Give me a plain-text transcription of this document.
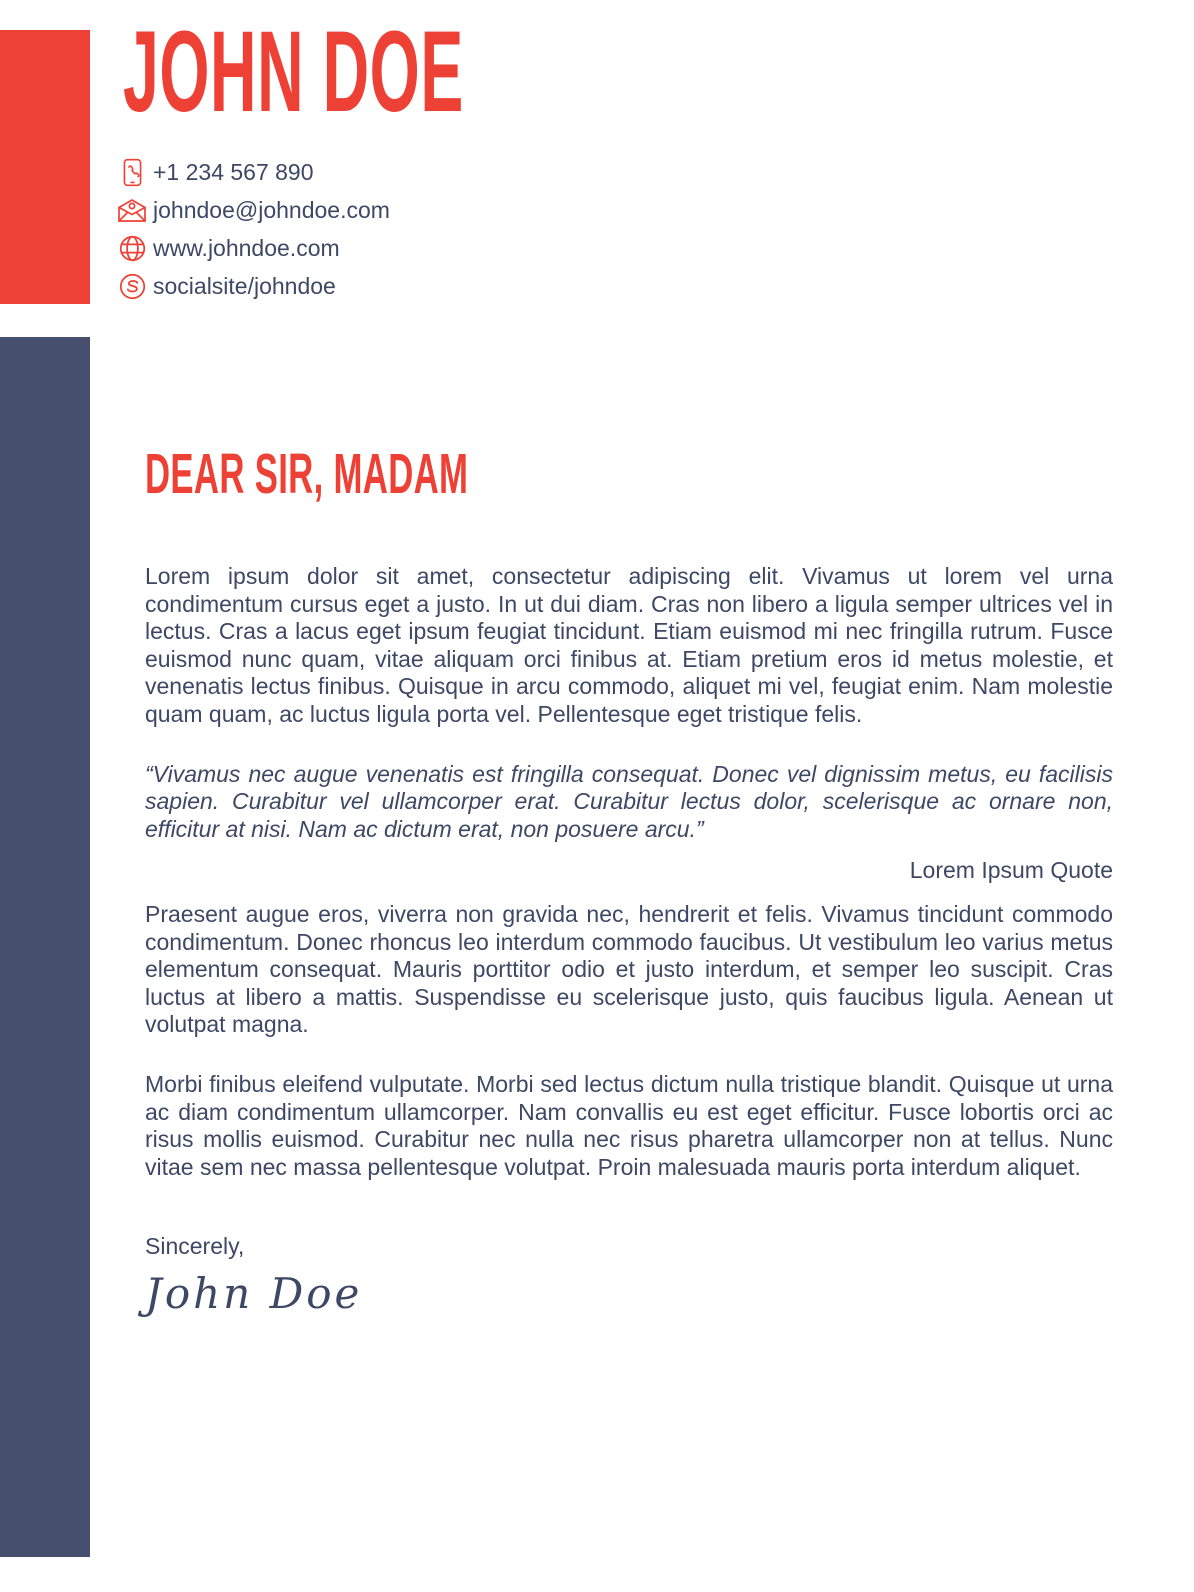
JOHN DOE
+1 234 567 890
johndoe@johndoe.com
www.johndoe.com
socialsite/johndoe
DEAR SIR, MADAM

Lorem ipsum dolor sit amet, consectetur adipiscing elit. Vivamus ut lorem vel urna condimentum cursus eget a justo. In ut dui diam. Cras non libero a ligula semper ultrices vel in lectus. Cras a lacus eget ipsum feugiat tincidunt. Etiam euismod mi nec fringilla rutrum. Fusce euismod nunc quam, vitae aliquam orci finibus at. Etiam pretium eros id metus molestie, et venenatis lectus finibus. Quisque in arcu commodo, aliquet mi vel, feugiat enim. Nam molestie quam quam, ac luctus ligula porta vel. Pellentesque eget tristique felis.

“Vivamus nec augue venenatis est fringilla consequat. Donec vel dignissim metus, eu facilisis sapien. Curabitur vel ullamcorper erat. Curabitur lectus dolor, scelerisque ac ornare non, efficitur at nisi. Nam ac dictum erat, non posuere arcu.”

Lorem Ipsum Quote

Praesent augue eros, viverra non gravida nec, hendrerit et felis. Vivamus tincidunt commodo condimentum. Donec rhoncus leo interdum commodo faucibus. Ut vestibulum leo varius metus elementum consequat. Mauris porttitor odio et justo interdum, et semper leo suscipit. Cras luctus at libero a mattis. Suspendisse eu scelerisque justo, quis faucibus ligula. Aenean ut volutpat magna.

Morbi finibus eleifend vulputate. Morbi sed lectus dictum nulla tristique blandit. Quisque ut urna ac diam condimentum ullamcorper. Nam convallis eu est eget efficitur. Fusce lobortis orci ac risus mollis euismod. Curabitur nec nulla nec risus pharetra ullamcorper non at tellus. Nunc vitae sem nec massa pellentesque volutpat. Proin malesuada mauris porta interdum aliquet.

Sincerely,

John Doe
